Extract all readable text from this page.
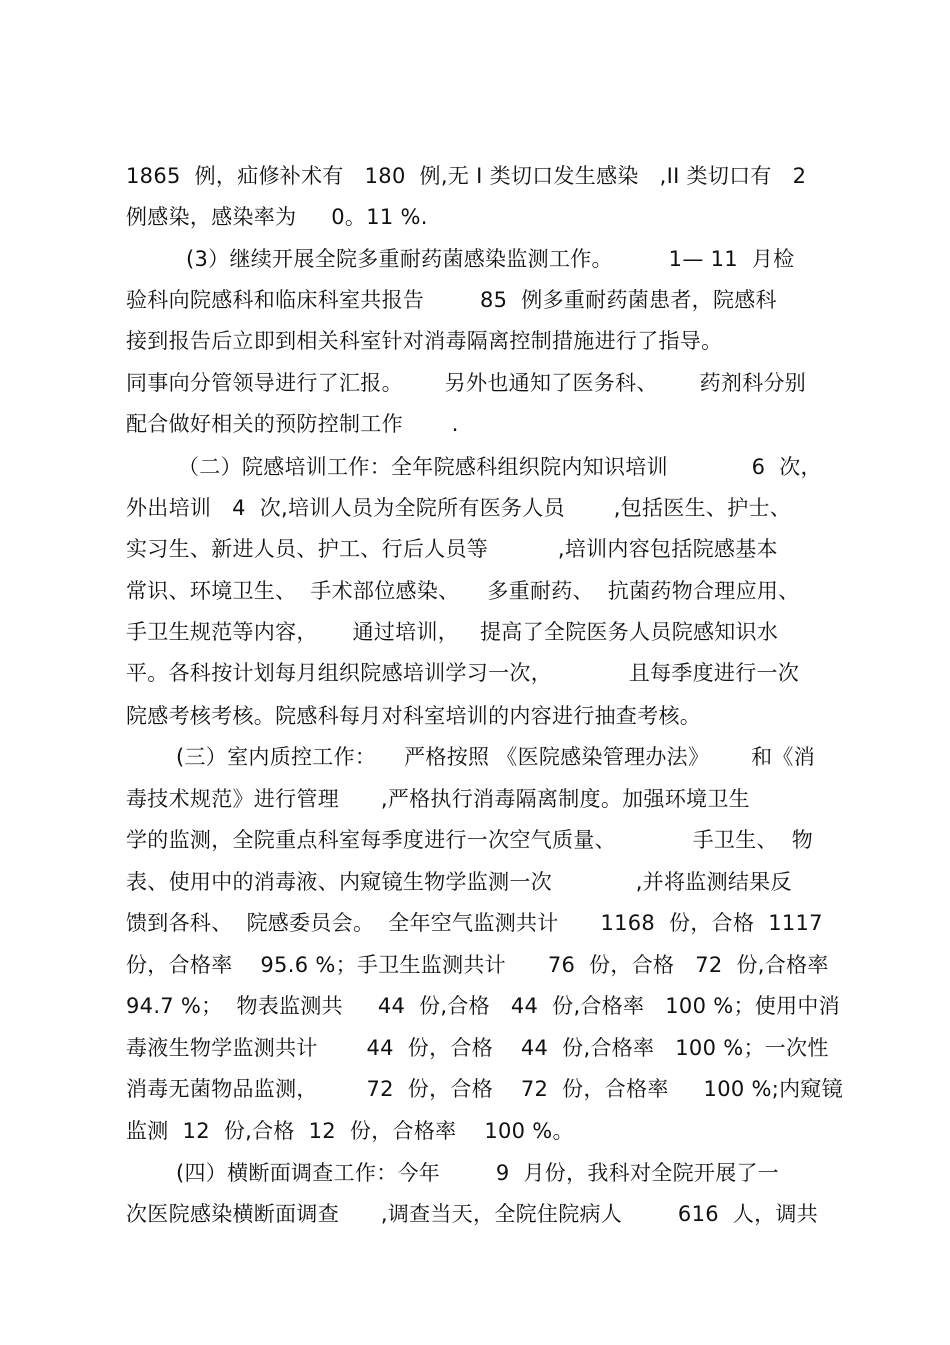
1865  例，疝修补术有   180  例,无 I 类切口发生感染   ,II 类切口有   2
例感染，感染率为     0。11 %.
(3）继续开展全院多重耐药菌感染监测工作。        1— 11  月检
验科向院感科和临床科室共报告        85  例多重耐药菌患者，院感科
接到报告后立即到相关科室针对消毒隔离控制措施进行了指导。
同事向分管领导进行了汇报。      另外也通知了医务科、      药剂科分别
配合做好相关的预防控制工作       .
（二）院感培训工作：全年院感科组织院内知识培训            6  次，
外出培训   4  次,培训人员为全院所有医务人员       ,包括医生、护士、
实习生、新进人员、护工、行后人员等          ,培训内容包括院感基本
常识、环境卫生、  手术部位感染、    多重耐药、  抗菌药物合理应用、
手卫生规范等内容，     通过培训，   提高了全院医务人员院感知识水
平。各科按计划每月组织院感培训学习一次，           且每季度进行一次
院感考核考核。院感科每月对科室培训的内容进行抽查考核。
(三）室内质控工作：    严格按照 《医院感染管理办法》      和《消
毒技术规范》进行管理      ,严格执行消毒隔离制度。加强环境卫生
学的监测，全院重点科室每季度进行一次空气质量、           手卫生、  物
表、使用中的消毒液、内窥镜生物学监测一次            ,并将监测结果反
馈到各科、  院感委员会。  全年空气监测共计      1168  份，合格  1117
份，合格率    95.6 %；手卫生监测共计      76  份，合格   72  份,合格率
94.7 %；  物表监测共     44  份,合格   44  份,合格率   100 %；使用中消
毒液生物学监测共计       44  份，合格    44  份,合格率   100 %；一次性
消毒无菌物品监测，       72  份，合格    72  份，合格率     100 %;内窥镜
监测  12  份,合格  12  份，合格率    100 %。
(四）横断面调查工作：今年        9  月份，我科对全院开展了一
次医院感染横断面调查      ,调查当天，全院住院病人        616  人，调共
